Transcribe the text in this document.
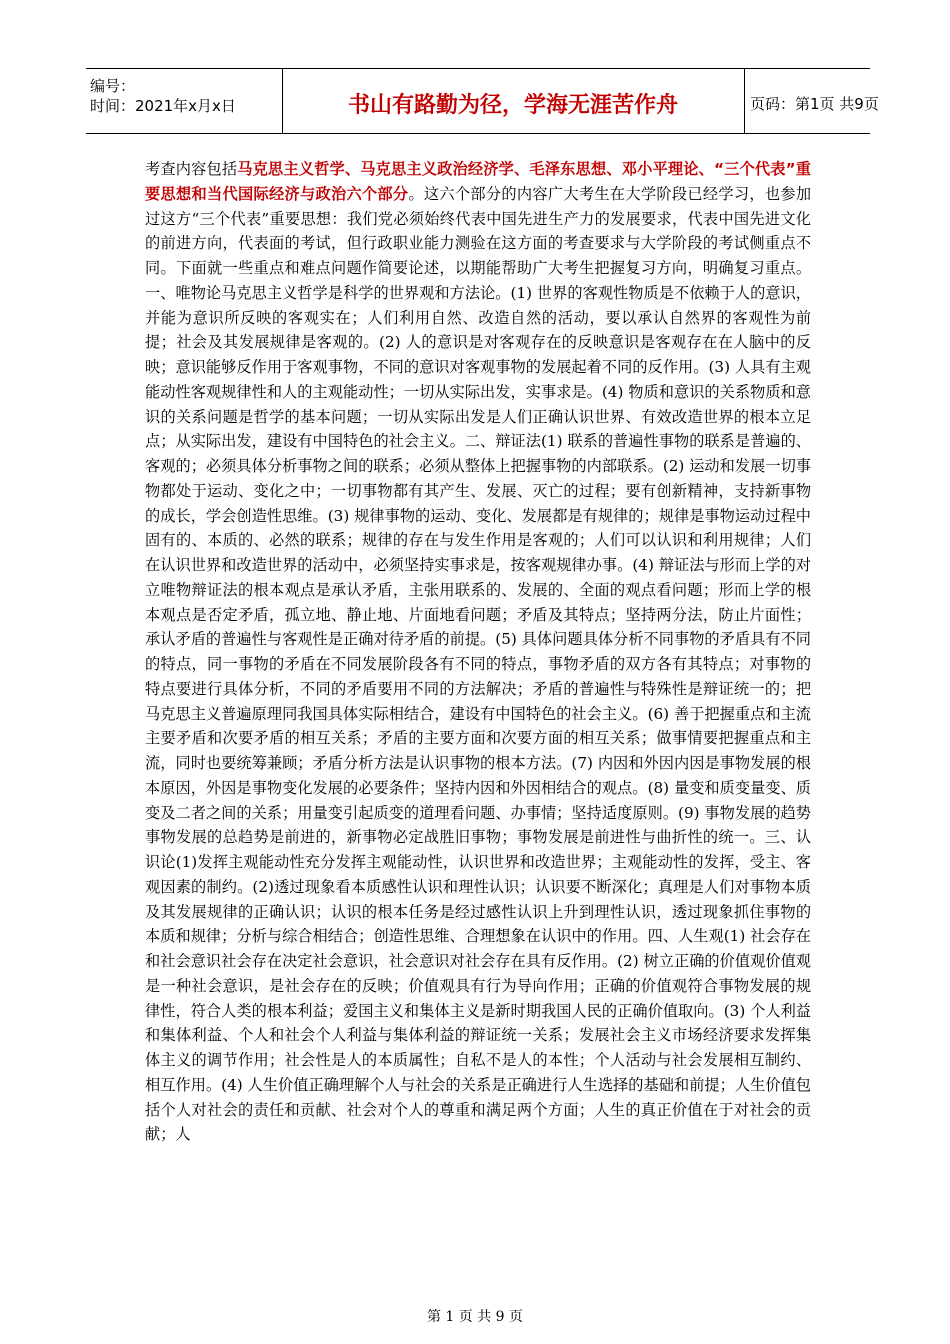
编号：
时间：2021年x月x日	书山有路勤为径，学海无涯苦作舟	页码：第1页 共9页
考查内容包括马克思主义哲学、马克思主义政治经济学、毛泽东思想、邓小平理论、“三个代表”重要思想和当代国际经济与政治六个部分。这六个部分的内容广大考生在大学阶段已经学习，也参加过这方“三个代表”重要思想：我们党必须始终代表中国先进生产力的发展要求，代表中国先进文化的前进方向，代表面的考试，但行政职业能力测验在这方面的考查要求与大学阶段的考试侧重点不同。下面就一些重点和难点问题作简要论述，以期能帮助广大考生把握复习方向，明确复习重点。一、唯物论马克思主义哲学是科学的世界观和方法论。(1) 世界的客观性物质是不依赖于人的意识，并能为意识所反映的客观实在；人们利用自然、改造自然的活动，要以承认自然界的客观性为前提；社会及其发展规律是客观的。(2) 人的意识是对客观存在的反映意识是客观存在在人脑中的反映；意识能够反作用于客观事物，不同的意识对客观事物的发展起着不同的反作用。(3) 人具有主观能动性客观规律性和人的主观能动性；一切从实际出发，实事求是。(4) 物质和意识的关系物质和意识的关系问题是哲学的基本问题；一切从实际出发是人们正确认识世界、有效改造世界的根本立足点；从实际出发，建设有中国特色的社会主义。二、辩证法(1) 联系的普遍性事物的联系是普遍的、客观的；必须具体分析事物之间的联系；必须从整体上把握事物的内部联系。(2) 运动和发展一切事物都处于运动、变化之中；一切事物都有其产生、发展、灭亡的过程；要有创新精神，支持新事物的成长，学会创造性思维。(3) 规律事物的运动、变化、发展都是有规律的；规律是事物运动过程中固有的、本质的、必然的联系；规律的存在与发生作用是客观的；人们可以认识和利用规律；人们在认识世界和改造世界的活动中，必须坚持实事求是，按客观规律办事。(4) 辩证法与形而上学的对立唯物辩证法的根本观点是承认矛盾，主张用联系的、发展的、全面的观点看问题；形而上学的根本观点是否定矛盾，孤立地、静止地、片面地看问题；矛盾及其特点；坚持两分法，防止片面性；承认矛盾的普遍性与客观性是正确对待矛盾的前提。(5) 具体问题具体分析不同事物的矛盾具有不同的特点，同一事物的矛盾在不同发展阶段各有不同的特点，事物矛盾的双方各有其特点；对事物的特点要进行具体分析，不同的矛盾要用不同的方法解决；矛盾的普遍性与特殊性是辩证统一的；把马克思主义普遍原理同我国具体实际相结合，建设有中国特色的社会主义。(6) 善于把握重点和主流主要矛盾和次要矛盾的相互关系；矛盾的主要方面和次要方面的相互关系；做事情要把握重点和主流，同时也要统筹兼顾；矛盾分析方法是认识事物的根本方法。(7) 内因和外因内因是事物发展的根本原因，外因是事物变化发展的必要条件；坚持内因和外因相结合的观点。(8) 量变和质变量变、质变及二者之间的关系；用量变引起质变的道理看问题、办事情；坚持适度原则。(9) 事物发展的趋势事物发展的总趋势是前进的，新事物必定战胜旧事物；事物发展是前进性与曲折性的统一。三、认识论(1)发挥主观能动性充分发挥主观能动性，认识世界和改造世界；主观能动性的发挥，受主、客观因素的制约。(2)透过现象看本质感性认识和理性认识；认识要不断深化；真理是人们对事物本质及其发展规律的正确认识；认识的根本任务是经过感性认识上升到理性认识，透过现象抓住事物的本质和规律；分析与综合相结合；创造性思维、合理想象在认识中的作用。四、人生观(1) 社会存在和社会意识社会存在决定社会意识，社会意识对社会存在具有反作用。(2) 树立正确的价值观价值观是一种社会意识，是社会存在的反映；价值观具有行为导向作用；正确的价值观符合事物发展的规律性，符合人类的根本利益；爱国主义和集体主义是新时期我国人民的正确价值取向。(3) 个人利益和集体利益、个人和社会个人利益与集体利益的辩证统一关系；发展社会主义市场经济要求发挥集体主义的调节作用；社会性是人的本质属性；自私不是人的本性；个人活动与社会发展相互制约、相互作用。(4) 人生价值正确理解个人与社会的关系是正确进行人生选择的基础和前提；人生价值包括个人对社会的责任和贡献、社会对个人的尊重和满足两个方面；人生的真正价值在于对社会的贡献；人
第 1 页 共 9 页
